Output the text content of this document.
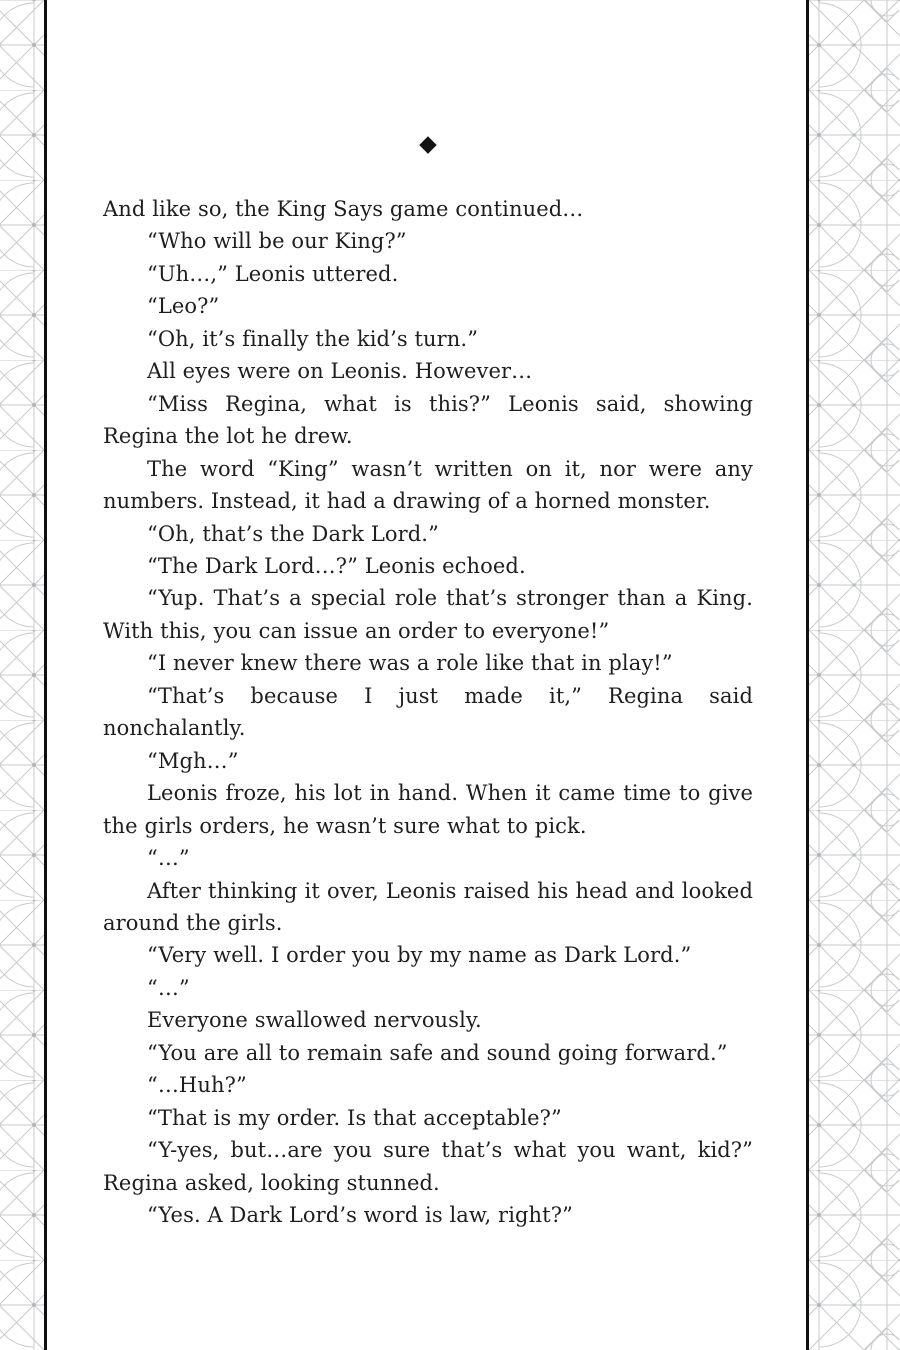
◆

And like so, the King Says game continued…

“Who will be our King?”

“Uh…,” Leonis uttered.

“Leo?”

“Oh, it’s finally the kid’s turn.”

All eyes were on Leonis. However…

“Miss Regina, what is this?” Leonis said, showing Regina the lot he drew.

The word “King” wasn’t written on it, nor were any numbers. Instead, it had a drawing of a horned monster.

“Oh, that’s the Dark Lord.”

“The Dark Lord…?” Leonis echoed.

“Yup. That’s a special role that’s stronger than a King. With this, you can issue an order to everyone!”

“I never knew there was a role like that in play!”

“That’s because I just made it,” Regina said nonchalantly.

“Mgh…”

Leonis froze, his lot in hand. When it came time to give the girls orders, he wasn’t sure what to pick.

“…”

After thinking it over, Leonis raised his head and looked around the girls.

“Very well. I order you by my name as Dark Lord.”

“…”

Everyone swallowed nervously.

“You are all to remain safe and sound going forward.”

“…Huh?”

“That is my order. Is that acceptable?”

“Y-yes, but…are you sure that’s what you want, kid?” Regina asked, looking stunned.

“Yes. A Dark Lord’s word is law, right?”
